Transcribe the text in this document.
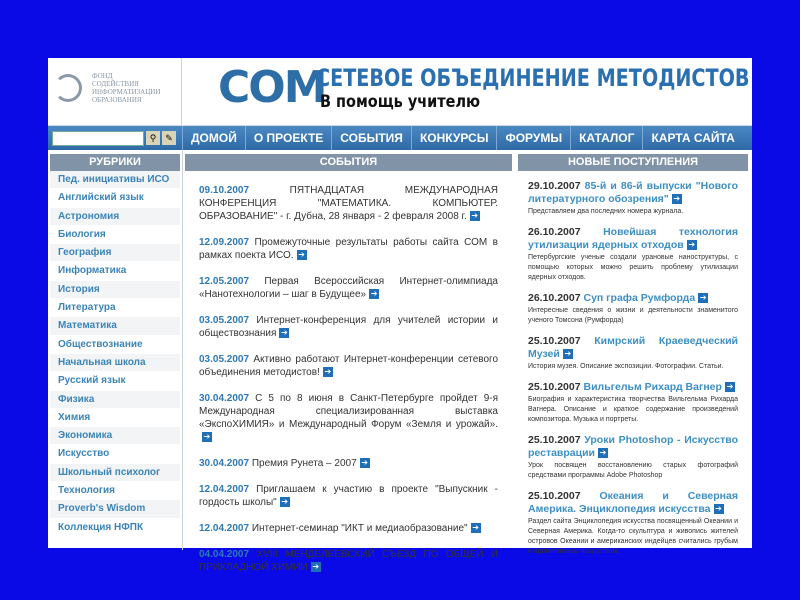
ФОНД
СОДЕЙСТВИЯ
ИНФОРМАТИЗАЦИИ
ОБРАЗОВАНИЯ	COM
СЕТЕВОЕ ОБЪЕДИНЕНИЕ МЕТОДИСТОВ
В помощь учителю
⚲ ✎	ДОМОЙ	О ПРОЕКТЕ	СОБЫТИЯ	КОНКУРСЫ	ФОРУМЫ	КАТАЛОГ	КАРТА САЙТА
РУБРИКИ
Пед. инициативы ИСО
Английский язык
Астрономия
Биология
География
Информатика
История
Литература
Математика
Обществознание
Начальная школа
Русский язык
Физика
Химия
Экономика
Искусство
Школьный психолог
Технология
Proverb's Wisdom
Коллекция НФПК
СОБЫТИЯ
09.10.2007	ПЯТНАДЦАТАЯ МЕЖДУНАРОДНАЯ КОНФЕРЕНЦИЯ "МАТЕМАТИКА. КОМПЬЮТЕР. ОБРАЗОВАНИЕ" - г. Дубна, 28 января - 2 февраля 2008 г. ➔
12.09.2007 Промежуточные результаты работы сайта СОМ в рамках поекта ИСО. ➔
12.05.2007 Первая Всероссийская Интернет-олимпиада «Нанотехнологии – шаг в Будущее» ➔
03.05.2007 Интернет-конференция для учителей истории и обществознания ➔
03.05.2007 Активно работают Интернет-конференции сетевого объединения методистов! ➔
30.04.2007 С 5 по 8 июня в Санкт-Петербурге пройдет 9-я Международная специализированная выставка «ЭкспоХИМИЯ» и Международный Форум «Земля и урожай».➔
30.04.2007 Премия Рунета – 2007 ➔
12.04.2007 Приглашаем к участию в проекте "Выпускник - гордость школы" ➔
12.04.2007 Интернет-семинар "ИКТ и медиаобразование" ➔
04.04.2007 XVIII МЕНДЕЛЕЕВСКИЙ СЪЕЗД ПО ОБЩЕЙ И ПРИКЛАДНОЙ ХИМИИ ➔
НОВЫЕ ПОСТУПЛЕНИЯ
29.10.2007 85-й и 86-й выпуски "Нового литературного обозрения" ➔
Представляем два последних номера журнала.
26.10.2007 Новейшая технология утилизации ядерных отходов ➔
Петербургские ученые создали урановые наноструктуры, с помощью которых можно решить проблему утилизации ядерных отходов.
26.10.2007 Суп графа Румфорда ➔
Интересные сведения о жизни и деятельности знаменитого ученого Томсона (Румфорда)
25.10.2007 Кимрский Краеведческий Музей ➔
История музея. Описание экспозиции. Фотографии. Статьи.
25.10.2007 Вильгельм Рихард Вагнер ➔
Биография и характеристика творчества Вильгельма Рихарда Вагнера. Описание и краткое содержание произведений композитора. Музыка и портреты.
25.10.2007 Уроки Photoshop - Искусство реставрации ➔
Урок посвящен восстановлению старых фотографий средствами программы Adobe Photoshop
25.10.2007 Океания и Северная Америка. Энциклопедия искусства ➔
Раздел сайта Энциклопедия искусства посвященный Океании и Северная Америка. Когда-то скульптура и живопись жителей островов Океании и американских индейцев считались грубым и примитивным искусством.
